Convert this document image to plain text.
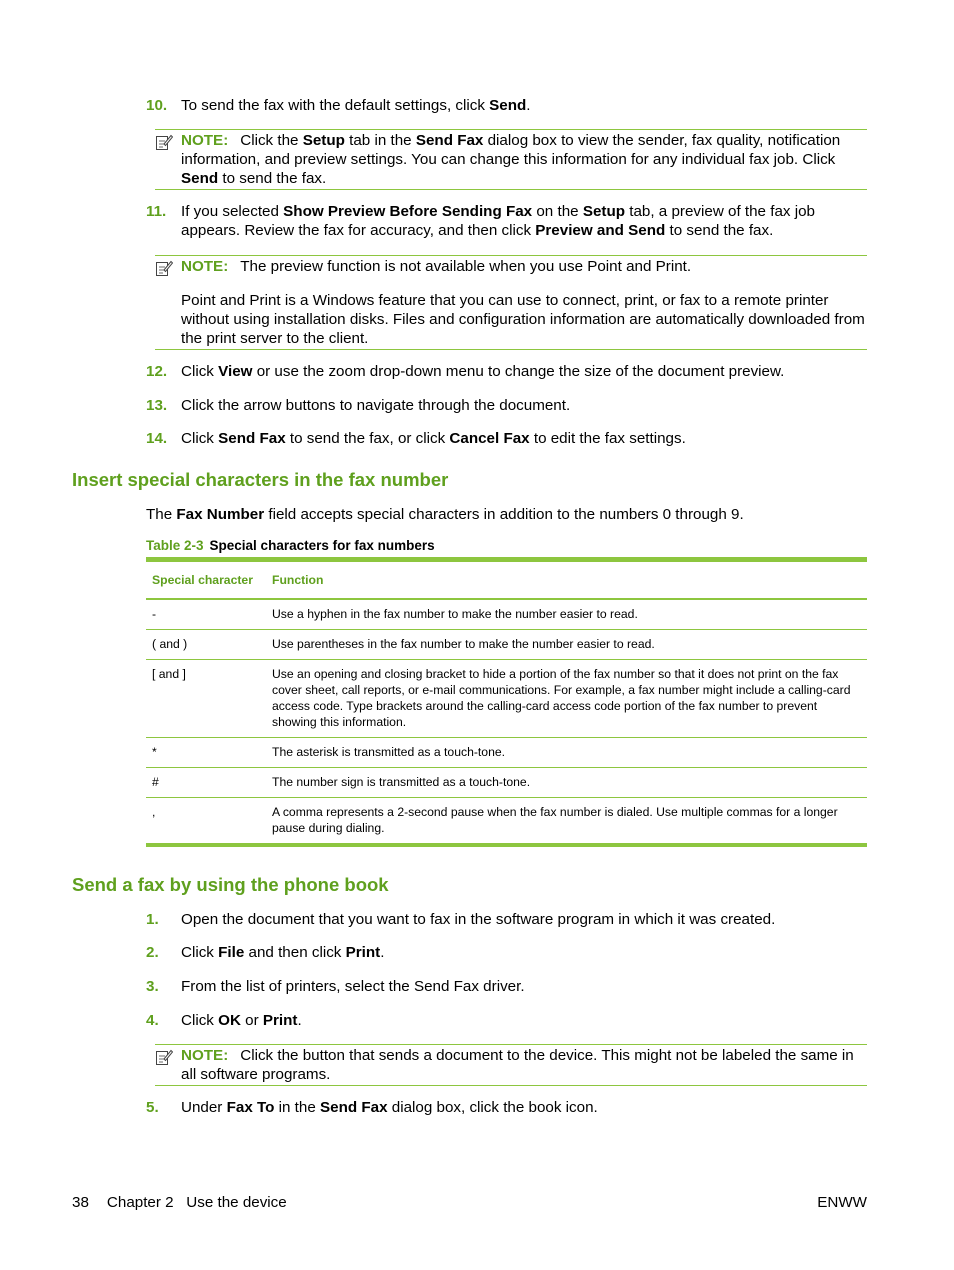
10. To send the fax with the default settings, click Send.

NOTE: Click the Setup tab in the Send Fax dialog box to view the sender, fax quality, notification information, and preview settings. You can change this information for any individual fax job. Click Send to send the fax.

11. If you selected Show Preview Before Sending Fax on the Setup tab, a preview of the fax job appears. Review the fax for accuracy, and then click Preview and Send to send the fax.

NOTE: The preview function is not available when you use Point and Print.

Point and Print is a Windows feature that you can use to connect, print, or fax to a remote printer without using installation disks. Files and configuration information are automatically downloaded from the print server to the client.

12. Click View or use the zoom drop-down menu to change the size of the document preview.
13. Click the arrow buttons to navigate through the document.
14. Click Send Fax to send the fax, or click Cancel Fax to edit the fax settings.
Insert special characters in the fax number
The Fax Number field accepts special characters in addition to the numbers 0 through 9.
Table 2-3 Special characters for fax numbers
Special character	Function
-	Use a hyphen in the fax number to make the number easier to read.
( and )	Use parentheses in the fax number to make the number easier to read.
[ and ]	Use an opening and closing bracket to hide a portion of the fax number so that it does not print on the fax cover sheet, call reports, or e-mail communications. For example, a fax number might include a calling-card access code. Type brackets around the calling-card access code portion of the fax number to prevent showing this information.
*	The asterisk is transmitted as a touch-tone.
#	The number sign is transmitted as a touch-tone.
,	A comma represents a 2-second pause when the fax number is dialed. Use multiple commas for a longer pause during dialing.
Send a fax by using the phone book
1. Open the document that you want to fax in the software program in which it was created.
2. Click File and then click Print.
3. From the list of printers, select the Send Fax driver.
4. Click OK or Print.

NOTE: Click the button that sends a document to the device. This might not be labeled the same in all software programs.

5. Under Fax To in the Send Fax dialog box, click the book icon.
38 Chapter 2   Use the device	ENWW
